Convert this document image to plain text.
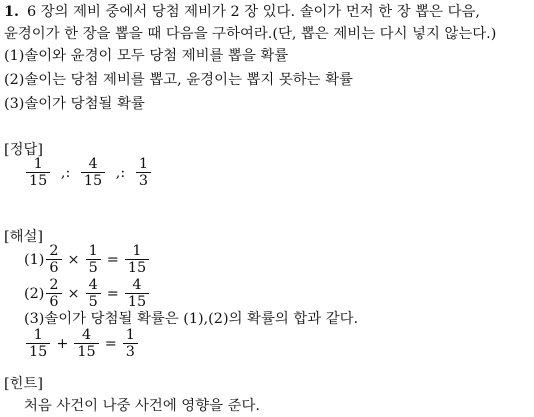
1. 6 장의 제비 중에서 당첨 제비가 2 장 있다. 솔이가 먼저 한 장 뽑은 다음,
윤경이가 한 장을 뽑을 때 다음을 구하여라.(단, 뽑은 제비는 다시 넣지 않는다.)
(1)솔이와 윤경이 모두 당첨 제비를 뽑을 확률
(2)솔이는 당첨 제비를 뽑고, 윤경이는 뽑지 못하는 확률
(3)솔이가 당첨될 확률
[정답]
$\frac{1}{15}$ ,: $\frac{4}{15}$ ,: $\frac{1}{3}$
[해설]
$(1) \frac{2}{6} \times \frac{1}{5} = \frac{1}{15}$
$(2) \frac{2}{6} \times \frac{4}{5} = \frac{4}{15}$
(3)솔이가 당첨될 확률은 (1),(2)의 확률의 합과 같다.
$\frac{1}{15} + \frac{4}{15} = \frac{1}{3}$
[힌트]
처음 사건이 나중 사건에 영향을 준다.
